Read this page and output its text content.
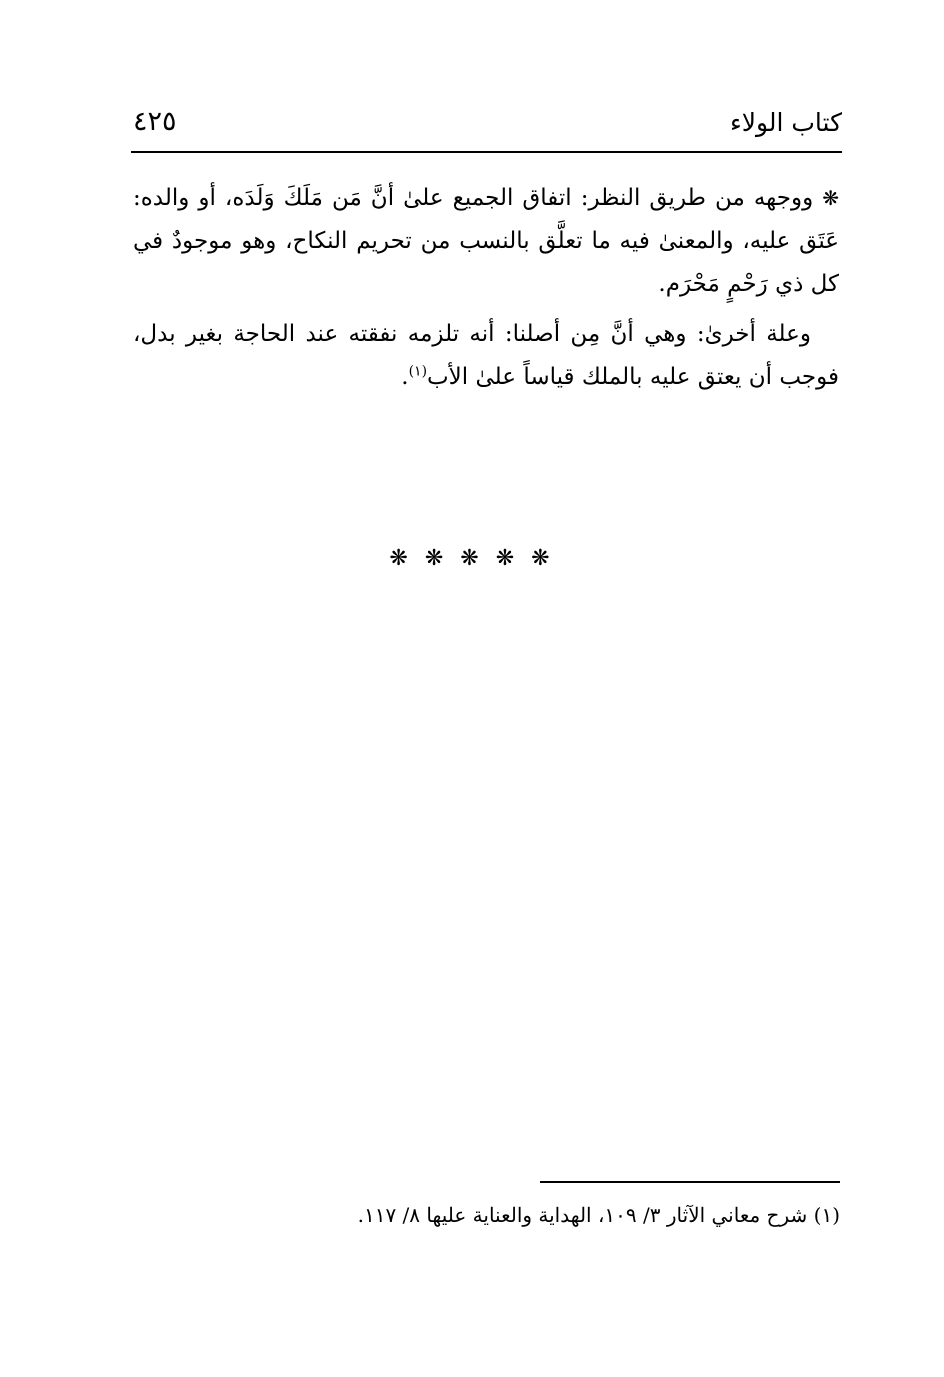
كتاب الولاء
٤٢٥

❋ ووجهه من طريق النظر: اتفاق الجميع علىٰ أنَّ مَن مَلَكَ وَلَدَه، أو والده: عَتَق عليه، والمعنىٰ فيه ما تعلَّق بالنسب من تحريم النكاح، وهو موجودٌ في كل ذي رَحْمٍ مَحْرَم.

وعلة أخرىٰ: وهي أنَّ مِن أصلنا: أنه تلزمه نفقته عند الحاجة بغير بدل، فوجب أن يعتق عليه بالملك قياساً علىٰ الأب$^{(١)}$.

❋ ❋ ❋ ❋ ❋
(١) شرح معاني الآثار ٣/ ١٠٩، الهداية والعناية عليها ٨/ ١١٧.
